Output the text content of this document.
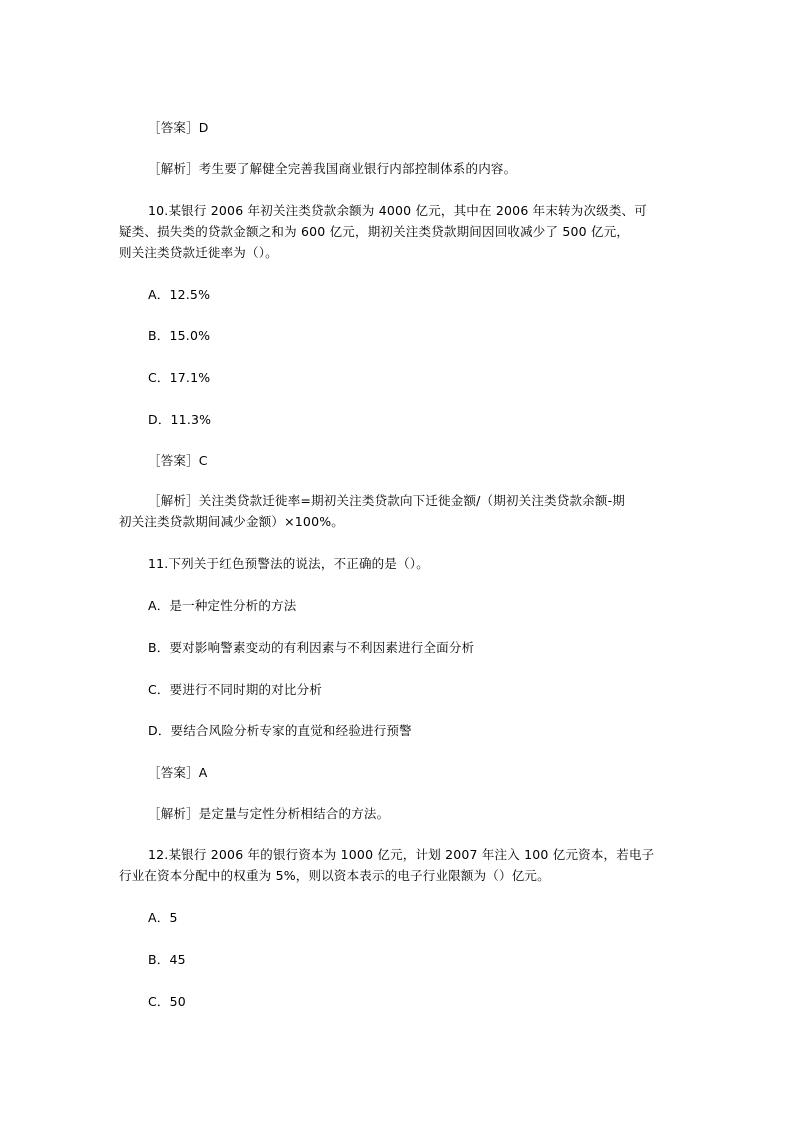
［答案］D
［解析］考生要了解健全完善我国商业银行内部控制体系的内容。
10.某银行 2006 年初关注类贷款余额为 4000 亿元，其中在 2006 年末转为次级类、可
疑类、损失类的贷款金额之和为 600 亿元，期初关注类贷款期间因回收减少了 500 亿元，
则关注类贷款迁徙率为（）。
A．12.5%
B．15.0%
C．17.1%
D．11.3%
［答案］C
［解析］关注类贷款迁徙率=期初关注类贷款向下迁徙金额/（期初关注类贷款余额-期
初关注类贷款期间减少金额）×100%。
11.下列关于红色预警法的说法，不正确的是（）。
A．是一种定性分析的方法
B．要对影响警素变动的有利因素与不利因素进行全面分析
C．要进行不同时期的对比分析
D．要结合风险分析专家的直觉和经验进行预警
［答案］A
［解析］是定量与定性分析相结合的方法。
12.某银行 2006 年的银行资本为 1000 亿元，计划 2007 年注入 100 亿元资本，若电子
行业在资本分配中的权重为 5%，则以资本表示的电子行业限额为（）亿元。
A．5
B．45
C．50
